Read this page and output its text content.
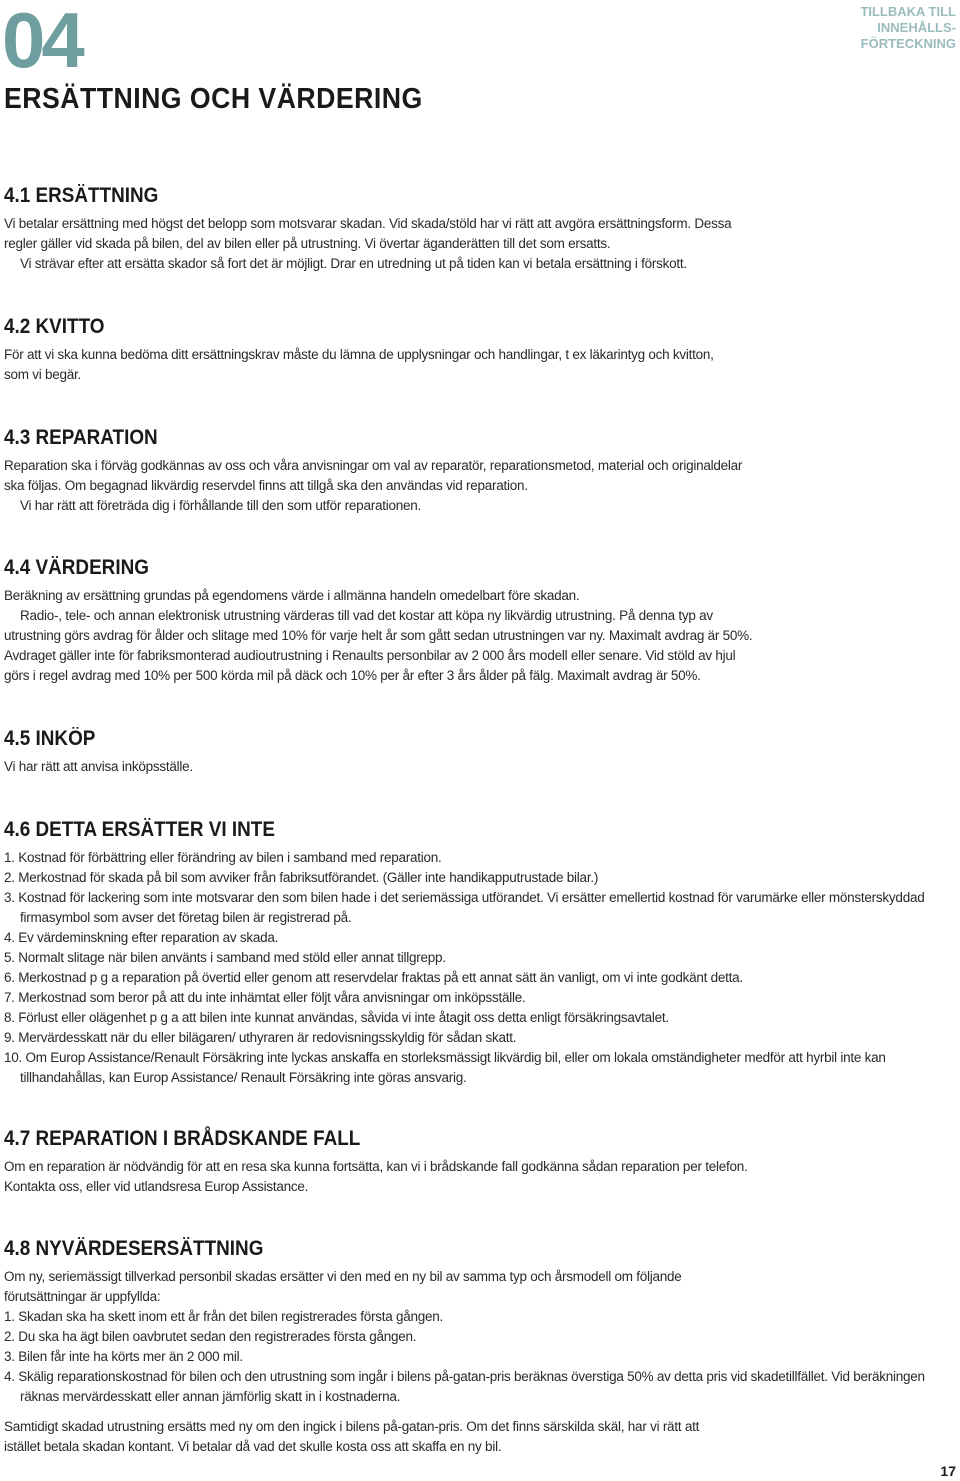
04	TILLBAKA TILL
INNEHÅLLS-
FÖRTECKNING
ERSÄTTNING OCH VÄRDERING
4.1 ERSÄTTNING

Vi betalar ersättning med högst det belopp som motsvarar skadan. Vid skada/stöld har vi rätt att avgöra ersättningsform. Dessa

regler gäller vid skada på bilen, del av bilen eller på utrustning. Vi övertar äganderätten till det som ersatts.

Vi strävar efter att ersätta skador så fort det är möjligt. Drar en utredning ut på tiden kan vi betala ersättning i förskott.

4.2 KVITTO

För att vi ska kunna bedöma ditt ersättningskrav måste du lämna de upplysningar och handlingar, t ex läkarintyg och kvitton,

som vi begär.

4.3 REPARATION

Reparation ska i förväg godkännas av oss och våra anvisningar om val av reparatör, reparationsmetod, material och originaldelar

ska följas. Om begagnad likvärdig reservdel finns att tillgå ska den användas vid reparation.

Vi har rätt att företräda dig i förhållande till den som utför reparationen.

4.4 VÄRDERING

Beräkning av ersättning grundas på egendomens värde i allmänna handeln omedelbart före skadan.

Radio-, tele- och annan elektronisk utrustning värderas till vad det kostar att köpa ny likvärdig utrustning. På denna typ av

utrustning görs avdrag för ålder och slitage med 10% för varje helt år som gått sedan utrustningen var ny. Maximalt avdrag är 50%.

Avdraget gäller inte för fabriksmonterad audioutrustning i Renaults personbilar av 2 000 års modell eller senare. Vid stöld av hjul

görs i regel avdrag med 10% per 500 körda mil på däck och 10% per år efter 3 års ålder på fälg. Maximalt avdrag är 50%.

4.5 INKÖP

Vi har rätt att anvisa inköpsställe.

4.6 DETTA ERSÄTTER VI INTE
1. Kostnad för förbättring eller förändring av bilen i samband med reparation.
2. Merkostnad för skada på bil som avviker från fabriksutförandet. (Gäller inte handikapputrustade bilar.)
3. Kostnad för lackering som inte motsvarar den som bilen hade i det seriemässiga utförandet. Vi ersätter emellertid kostnad för varumärke eller mönsterskyddad firmasymbol som avser det företag bilen är registrerad på.
4. Ev värdeminskning efter reparation av skada.
5. Normalt slitage när bilen använts i samband med stöld eller annat tillgrepp.
6. Merkostnad p g a reparation på övertid eller genom att reservdelar fraktas på ett annat sätt än vanligt, om vi inte godkänt detta.
7. Merkostnad som beror på att du inte inhämtat eller följt våra anvisningar om inköpsställe.
8. Förlust eller olägenhet p g a att bilen inte kunnat användas, såvida vi inte åtagit oss detta enligt försäkringsavtalet.
9. Mervärdesskatt när du eller bilägaren/ uthyraren är redovisningsskyldig för sådan skatt.
10. Om Europ Assistance/Renault Försäkring inte lyckas anskaffa en storleksmässigt likvärdig bil, eller om lokala omständigheter medför att hyrbil inte kan tillhandahållas, kan Europ Assistance/ Renault Försäkring inte göras ansvarig.
4.7 REPARATION I BRÅDSKANDE FALL

Om en reparation är nödvändig för att en resa ska kunna fortsätta, kan vi i brådskande fall godkänna sådan reparation per telefon.

Kontakta oss, eller vid utlandsresa Europ Assistance.

4.8 NYVÄRDESERSÄTTNING

Om ny, seriemässigt tillverkad personbil skadas ersätter vi den med en ny bil av samma typ och årsmodell om följande

förutsättningar är uppfyllda:

1. Skadan ska ha skett inom ett år från det bilen registrerades första gången.
2. Du ska ha ägt bilen oavbrutet sedan den registrerades första gången.
3. Bilen får inte ha körts mer än 2 000 mil.
4. Skälig reparationskostnad för bilen och den utrustning som ingår i bilens på-gatan-pris beräknas överstiga 50% av detta pris vid skadetillfället. Vid beräkningen räknas mervärdesskatt eller annan jämförlig skatt in i kostnaderna.

Samtidigt skadad utrustning ersätts med ny om den ingick i bilens på-gatan-pris. Om det finns särskilda skäl, har vi rätt att

istället betala skadan kontant. Vi betalar då vad det skulle kosta oss att skaffa en ny bil.

17
